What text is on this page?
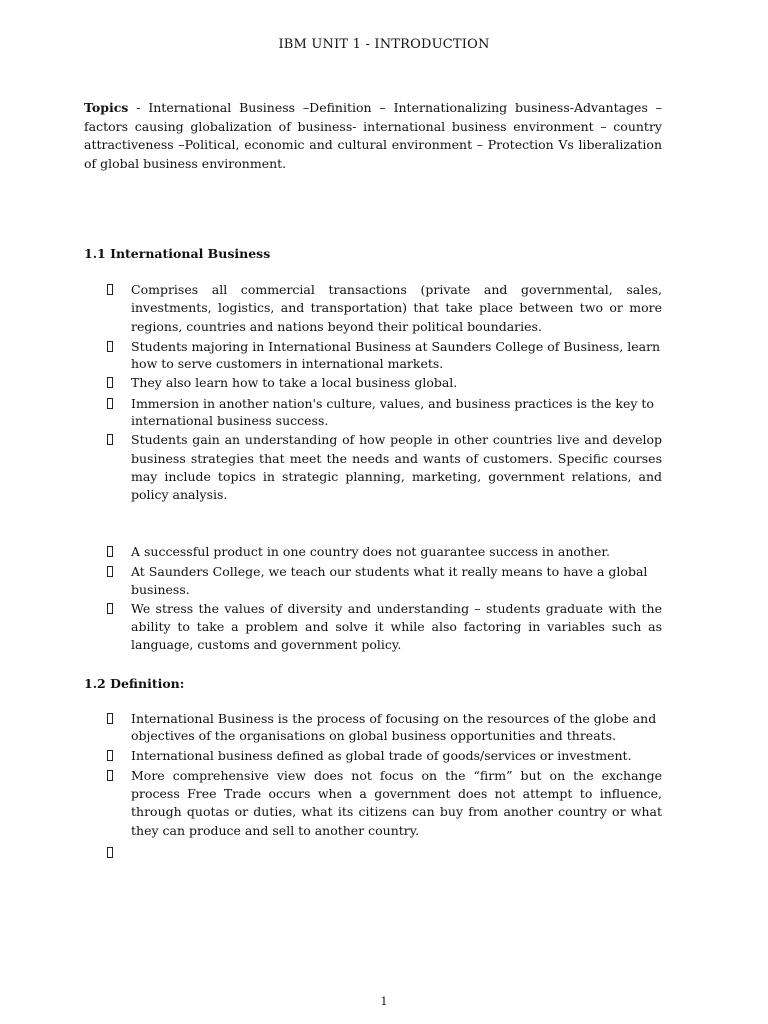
IBM UNIT 1 - INTRODUCTION
Topics - International Business –Definition – Internationalizing business-Advantages – factors causing globalization of business- international business environment – country attractiveness –Political, economic and cultural environment – Protection Vs liberalization of global business environment.
1.1 International Business
Comprises all commercial transactions (private and governmental, sales, investments, logistics, and transportation) that take place between two or more regions, countries and nations beyond their political boundaries.
Students majoring in International Business at Saunders College of Business, learn how to serve customers in international markets.
They also learn how to take a local business global.
Immersion in another nation's culture, values, and business practices is the key to international business success.
Students gain an understanding of how people in other countries live and develop business strategies that meet the needs and wants of customers. Specific courses may include topics in strategic planning, marketing, government relations, and policy analysis.
A successful product in one country does not guarantee success in another.
At Saunders College, we teach our students what it really means to have a global business.
We stress the values of diversity and understanding – students graduate with the ability to take a problem and solve it while also factoring in variables such as language, customs and government policy.
1.2 Definition:
International Business is the process of focusing on the resources of the globe and objectives of the organisations on global business opportunities and threats.
International business defined as global trade of goods/services or investment.
More comprehensive view does not focus on the “firm” but on the exchange process Free Trade occurs when a government does not attempt to influence, through quotas or duties, what its citizens can buy from another country or what they can produce and sell to another country.

1
